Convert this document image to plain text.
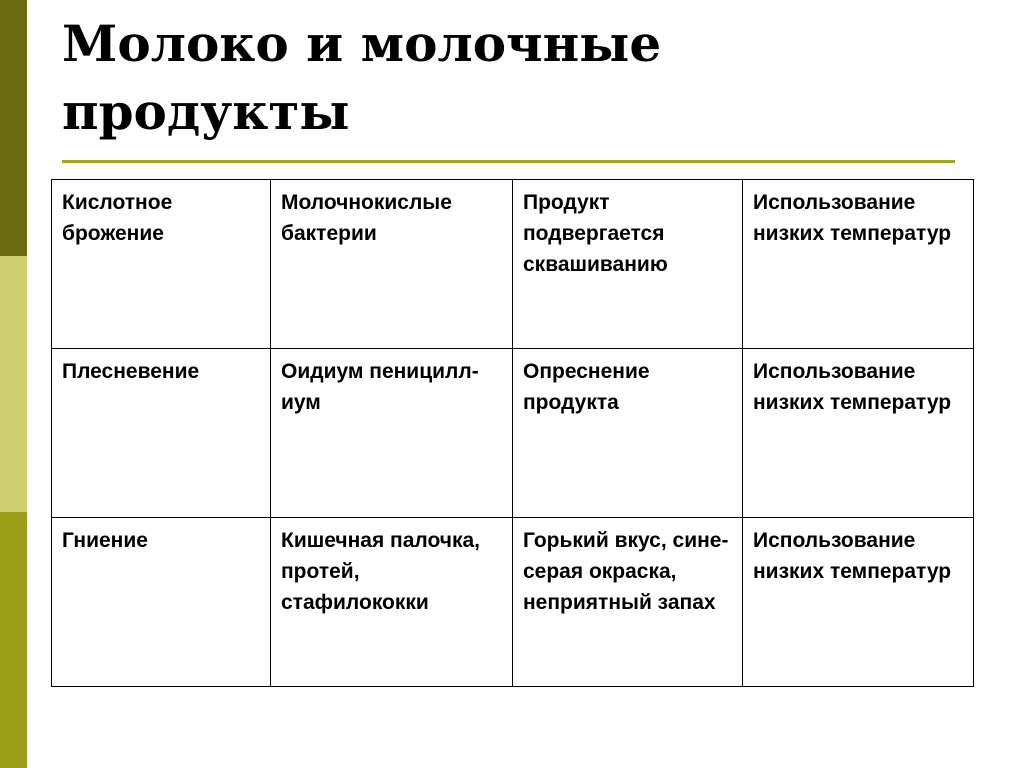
Молоко и молочные продукты
Кислотное брожение	Молочнокислые бактерии	Продукт подвергается сквашиванию	Использование низких температур
Плесневение	Оидиум пенициллиум	Опреснение продукта	Использование низких температур
Гниение	Кишечная палочка, протей, стафилококки	Горький вкус, сине-серая окраска, неприятный запах	Использование низких температур
